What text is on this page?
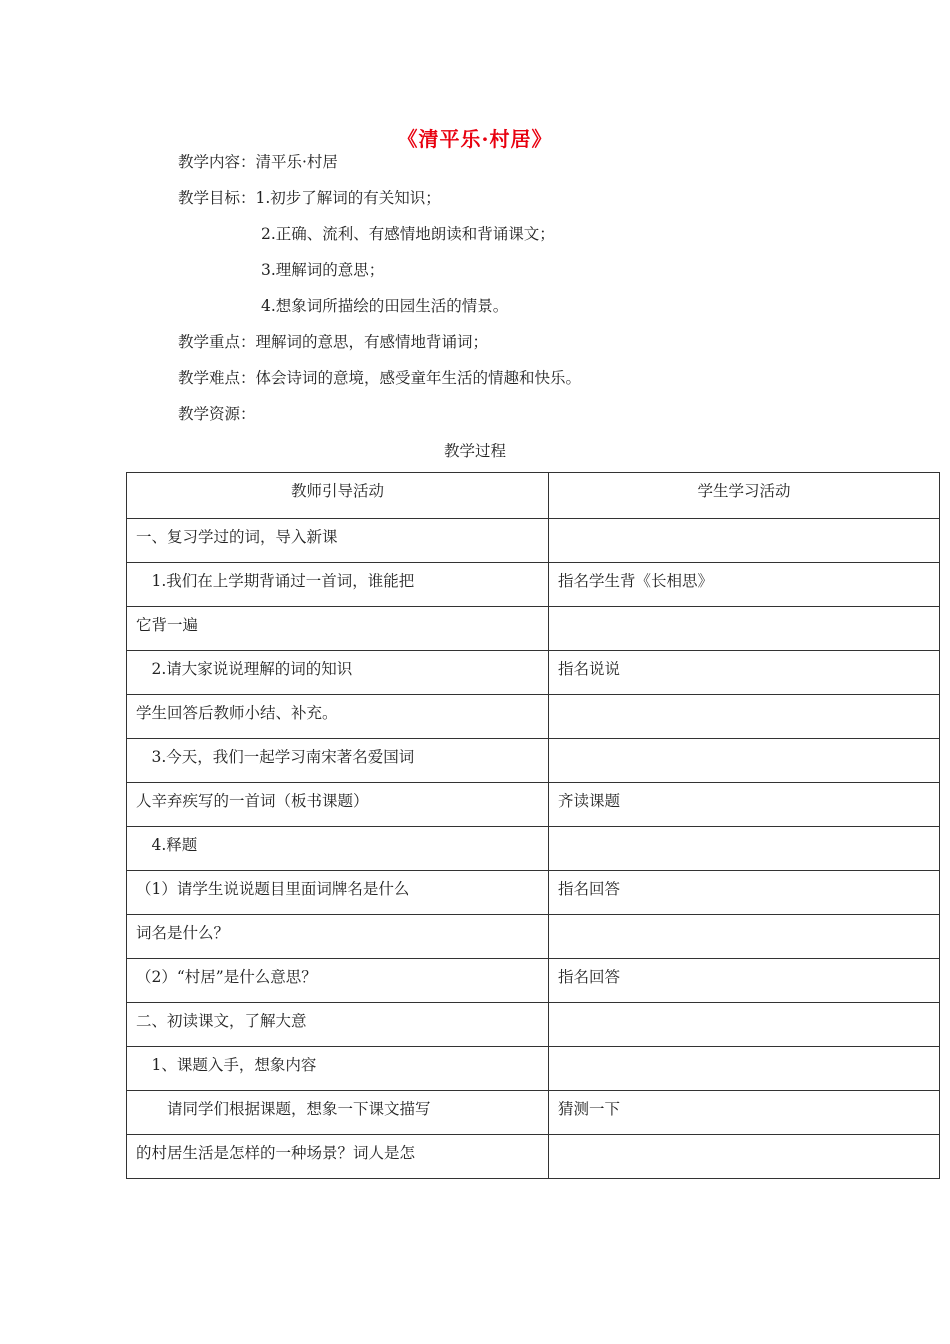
《清平乐·村居》
教学内容：清平乐·村居
教学目标：1.初步了解词的有关知识；
2.正确、流利、有感情地朗读和背诵课文；
3.理解词的意思；
4.想象词所描绘的田园生活的情景。
教学重点：理解词的意思，有感情地背诵词；
教学难点：体会诗词的意境，感受童年生活的情趣和快乐。
教学资源：
教学过程
教师引导活动	学生学习活动
一、复习学过的词，导入新课	
　1.我们在上学期背诵过一首词，谁能把	指名学生背《长相思》
它背一遍	
　2.请大家说说理解的词的知识	指名说说
学生回答后教师小结、补充。	
　3.今天，我们一起学习南宋著名爱国词	
人辛弃疾写的一首词（板书课题）	齐读课题
　4.释题	
（1）请学生说说题目里面词牌名是什么	指名回答
词名是什么？	
（2）“村居”是什么意思？	指名回答
二、初读课文，了解大意	
　1、课题入手，想象内容	
　　请同学们根据课题，想象一下课文描写	猜测一下
的村居生活是怎样的一种场景？词人是怎	
